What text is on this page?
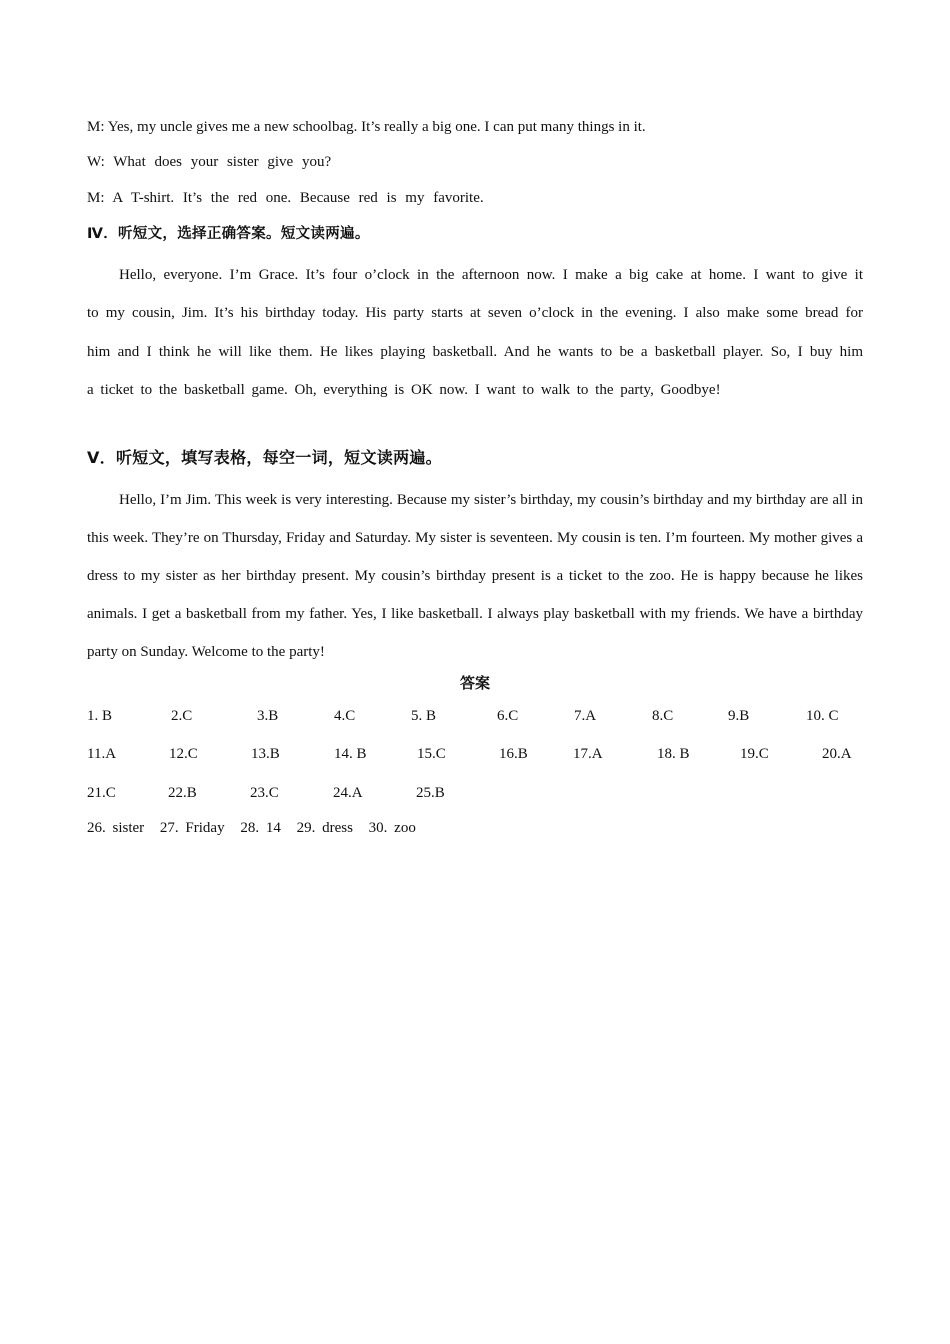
M: Yes, my uncle gives me a new schoolbag. It’s really a big one. I can put many things in it.
W: What does your sister give you?
M: A T-shirt. It’s the red one. Because red is my favorite.
Ⅳ．听短文，选择正确答案。短文读两遍。

Hello, everyone. I’m Grace. It’s four o’clock in the afternoon now. I make a big cake at home. I want to give it to my cousin, Jim. It’s his birthday today. His party starts at seven o’clock in the evening. I also make some bread for him and I think he will like them. He likes playing basketball. And he wants to be a basketball player. So, I buy him a ticket to the basketball game. Oh, everything is OK now. I want to walk to the party, Goodbye!

Ⅴ．听短文，填写表格，每空一词，短文读两遍。

Hello, I’m Jim. This week is very interesting. Because my sister’s birthday, my cousin’s birthday and my birthday are all in this week. They’re on Thursday, Friday and Saturday. My sister is seventeen. My cousin is ten. I’m fourteen. My mother gives a dress to my sister as her birthday present. My cousin’s birthday present is a ticket to the zoo. He is happy because he likes animals. I get a basketball from my father. Yes, I like basketball. I always play basketball with my friends. We have a birthday party on Sunday. Welcome to the party!

答案
1. B	2.C	3.B	4.C	5. B	6.C	7.A	8.C	9.B	10. C
11.A	12.C	13.B	14. B	15.C	16.B	17.A	18. B	19.C	20.A
21.C	22.B	23.C	24.A	25.B
26. sister 27. Friday 28. 14 29. dress 30. zoo
